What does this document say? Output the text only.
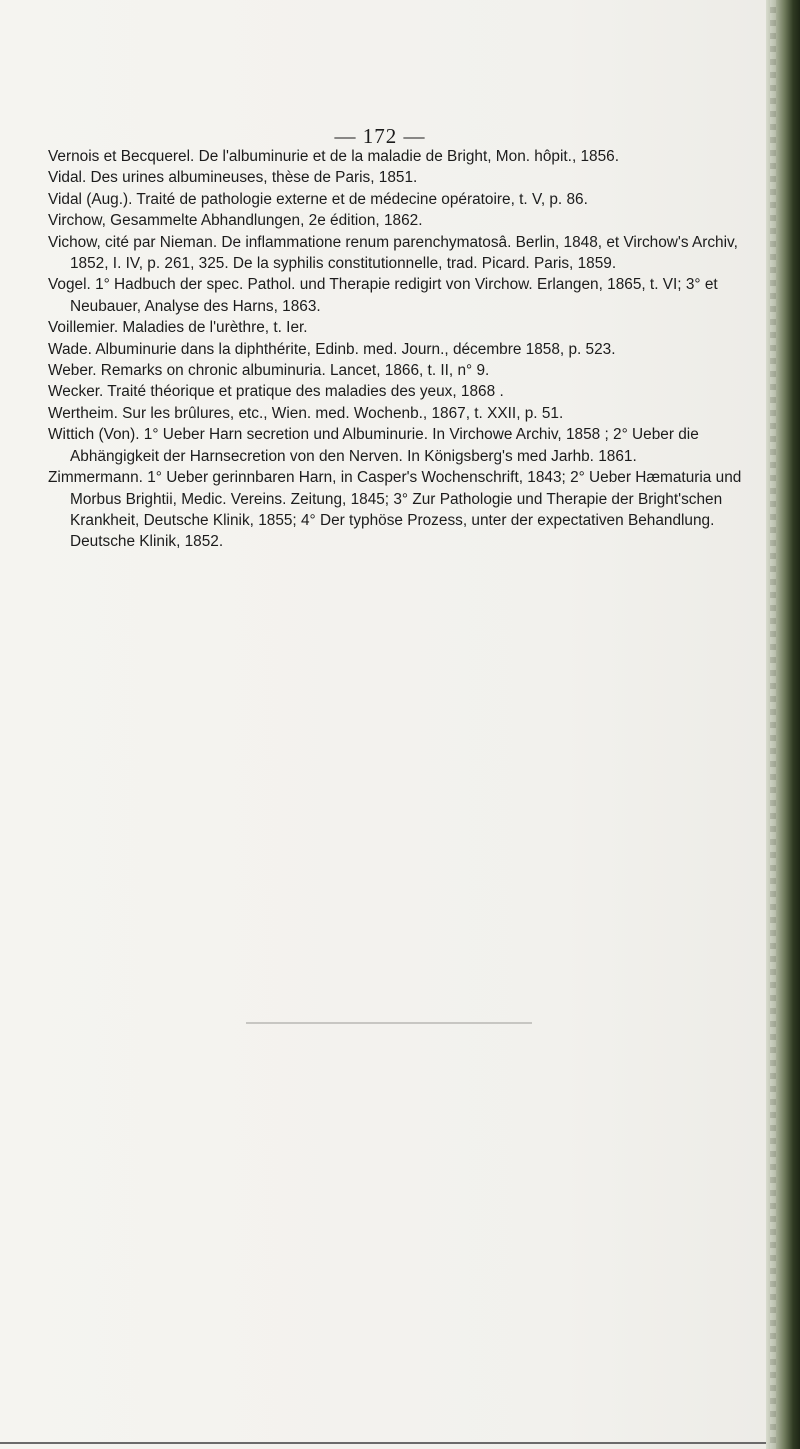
— 172 —

Vernois et Becquerel. De l'albuminurie et de la maladie de Bright, Mon. hôpit., 1856.

Vidal. Des urines albumineuses, thèse de Paris, 1851.

Vidal (Aug.). Traité de pathologie externe et de médecine opératoire, t. V, p. 86.

Virchow, Gesammelte Abhandlungen, 2e édition, 1862.

Vichow, cité par Nieman. De inflammatione renum parenchymatosâ. Berlin, 1848, et Virchow's Archiv, 1852, I. IV, p. 261, 325. De la syphilis constitutionnelle, trad. Picard. Paris, 1859.

Vogel. 1° Hadbuch der spec. Pathol. und Therapie redigirt von Virchow. Erlangen, 1865, t. VI; 3° et Neubauer, Analyse des Harns, 1863.

Voillemier. Maladies de l'urèthre, t. Ier.

Wade. Albuminurie dans la diphthérite, Edinb. med. Journ., décembre 1858, p. 523.

Weber. Remarks on chronic albuminuria. Lancet, 1866, t. II, n° 9.

Wecker. Traité théorique et pratique des maladies des yeux, 1868 .

Wertheim. Sur les brûlures, etc., Wien. med. Wochenb., 1867, t. XXII, p. 51.

Wittich (Von). 1° Ueber Harn secretion und Albuminurie. In Virchowe Archiv, 1858 ; 2° Ueber die Abhängigkeit der Harnsecretion von den Nerven. In Königsberg's med Jarhb. 1861.

Zimmermann. 1° Ueber gerinnbaren Harn, in Casper's Wochenschrift, 1843; 2° Ueber Hæmaturia und Morbus Brightii, Medic. Vereins. Zeitung, 1845; 3° Zur Pathologie und Therapie der Bright'schen Krankheit, Deutsche Klinik, 1855; 4° Der typhöse Prozess, unter der expectativen Behandlung. Deutsche Klinik, 1852.
